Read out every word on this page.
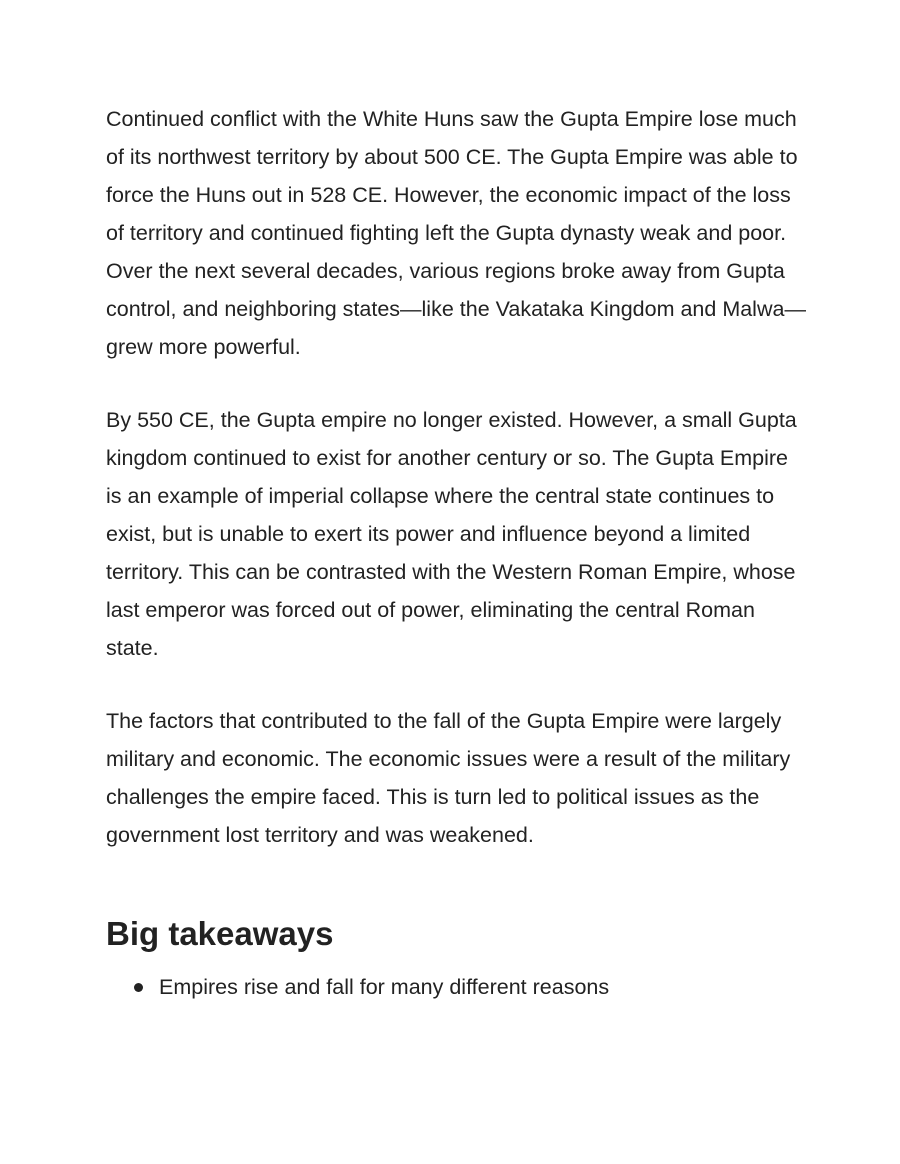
Continued conflict with the White Huns saw the Gupta Empire lose much of its northwest territory by about 500 CE. The Gupta Empire was able to force the Huns out in 528 CE. However, the economic impact of the loss of territory and continued fighting left the Gupta dynasty weak and poor. Over the next several decades, various regions broke away from Gupta control, and neighboring states—like the Vakataka Kingdom and Malwa—grew more powerful.

By 550 CE, the Gupta empire no longer existed. However, a small Gupta kingdom continued to exist for another century or so. The Gupta Empire is an example of imperial collapse where the central state continues to exist, but is unable to exert its power and influence beyond a limited territory. This can be contrasted with the Western Roman Empire, whose last emperor was forced out of power, eliminating the central Roman state.

The factors that contributed to the fall of the Gupta Empire were largely military and economic. The economic issues were a result of the military challenges the empire faced. This is turn led to political issues as the government lost territory and was weakened.

Big takeaways
Empires rise and fall for many different reasons
